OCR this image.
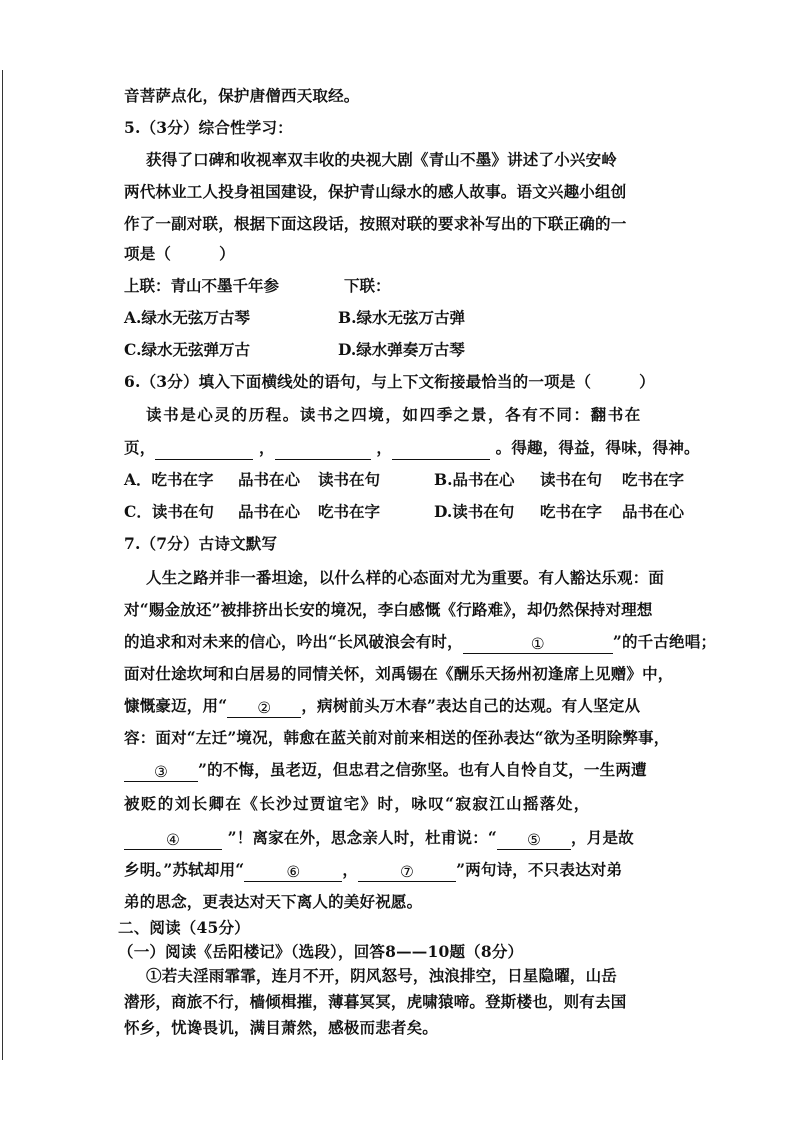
音菩萨点化，保护唐僧西天取经。
5.（3分）综合性学习：
获得了口碑和收视率双丰收的央视大剧《青山不墨》讲述了小兴安岭
两代林业工人投身祖国建设，保护青山绿水的感人故事。语文兴趣小组创
作了一副对联，根据下面这段话，按照对联的要求补写出的下联正确的一
项是（	）
上联：青山不墨千年参	下联：
A.绿水无弦万古琴	B.绿水无弦万古弹
C.绿水无弦弹万古	D.绿水弹奏万古琴
6.（3分）填入下面横线处的语句，与上下文衔接最恰当的一项是（	）
读书是心灵的历程。读书之四境，如四季之景，各有不同：翻书在
页，	，	，	。得趣，得益，得味，得神。
A．吃书在字 品书在心 读书在句	B.品书在心 读书在句 吃书在字
C．读书在句 品书在心 吃书在字	D.读书在句 吃书在字 品书在心
7.（7分）古诗文默写
人生之路并非一番坦途，以什么样的心态面对尤为重要。有人豁达乐观：面
对“赐金放还”被排挤出长安的境况，李白感慨《行路难》，却仍然保持对理想
的追求和对未来的信心，吟出“长风破浪会有时，	①	”的千古绝唱；
面对仕途坎坷和白居易的同情关怀，刘禹锡在《酬乐天扬州初逢席上见赠》中，
慷慨豪迈，用“ ② ，病树前头万木春”表达自己的达观。有人坚定从
容：面对“左迁”境况，韩愈在蓝关前对前来相送的侄孙表达“欲为圣明除弊事，
③ ”的不悔，虽老迈，但忠君之信弥坚。也有人自怜自艾，一生两遭
被贬的刘长卿在《长沙过贾谊宅》时，咏叹“寂寂江山摇落处，
④	”！离家在外，思念亲人时，杜甫说：“ ⑤ ，月是故
乡明。”苏轼却用“	⑥	，	⑦	”两句诗，不只表达对弟
弟的思念，更表达对天下离人的美好祝愿。
二、阅读（45分）
（一）阅读《岳阳楼记》（选段），回答8——10题（8分）
①若夫淫雨霏霏，连月不开，阴风怒号，浊浪排空，日星隐曜，山岳
潜形，商旅不行，樯倾楫摧，薄暮冥冥，虎啸猿啼。登斯楼也，则有去国
怀乡，忧谗畏讥，满目萧然，感极而悲者矣。
